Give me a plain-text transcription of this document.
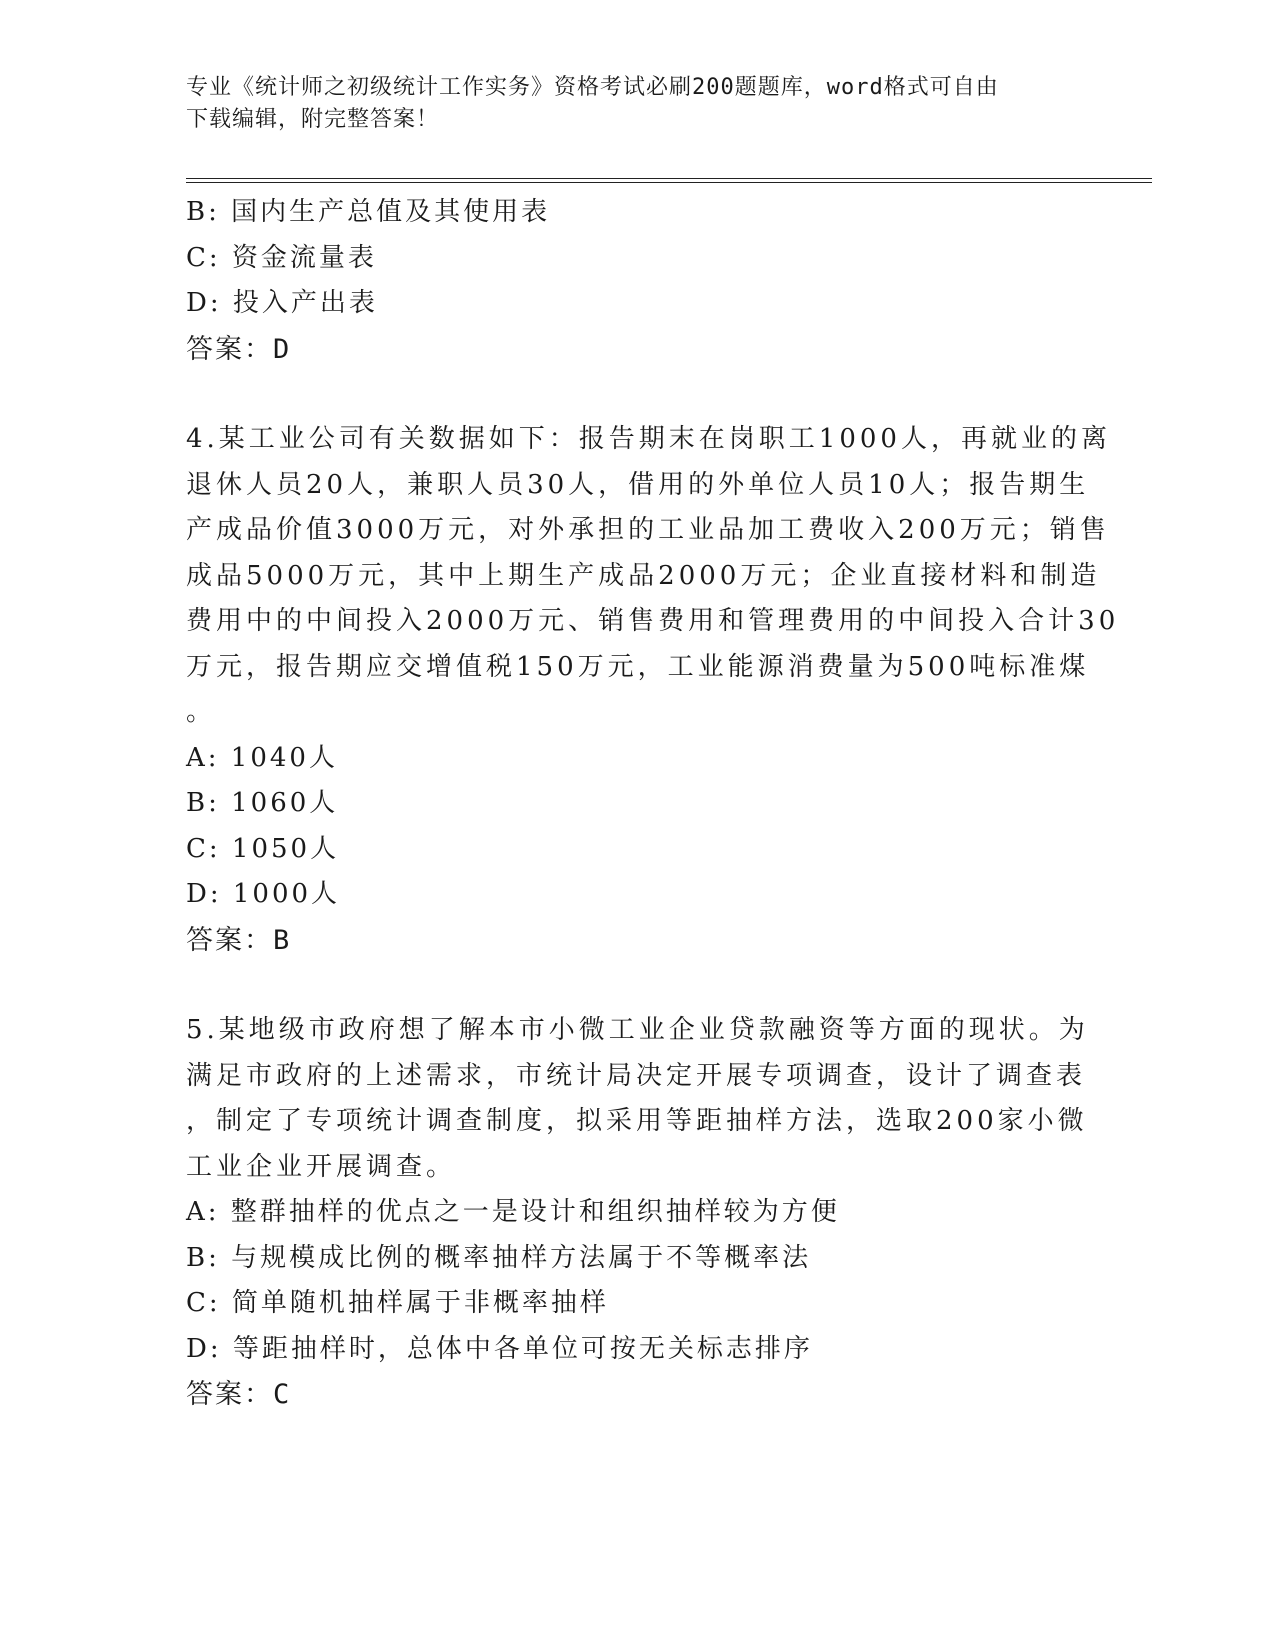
专业《统计师之初级统计工作实务》资格考试必刷200题题库，word格式可自由
下载编辑，附完整答案！
B: 国内生产总值及其使用表
C: 资金流量表
D: 投入产出表
答案：D
4.某工业公司有关数据如下：报告期末在岗职工1000人，再就业的离
退休人员20人，兼职人员30人，借用的外单位人员10人；报告期生
产成品价值3000万元，对外承担的工业品加工费收入200万元；销售
成品5000万元，其中上期生产成品2000万元；企业直接材料和制造
费用中的中间投入2000万元、销售费用和管理费用的中间投入合计30
万元，报告期应交增值税150万元，工业能源消费量为500吨标准煤
。
A: 1040人
B: 1060人
C: 1050人
D: 1000人
答案：B
5.某地级市政府想了解本市小微工业企业贷款融资等方面的现状。为
满足市政府的上述需求，市统计局决定开展专项调查，设计了调查表
，制定了专项统计调查制度，拟采用等距抽样方法，选取200家小微
工业企业开展调查。
A: 整群抽样的优点之一是设计和组织抽样较为方便
B: 与规模成比例的概率抽样方法属于不等概率法
C: 简单随机抽样属于非概率抽样
D: 等距抽样时，总体中各单位可按无关标志排序
答案：C
